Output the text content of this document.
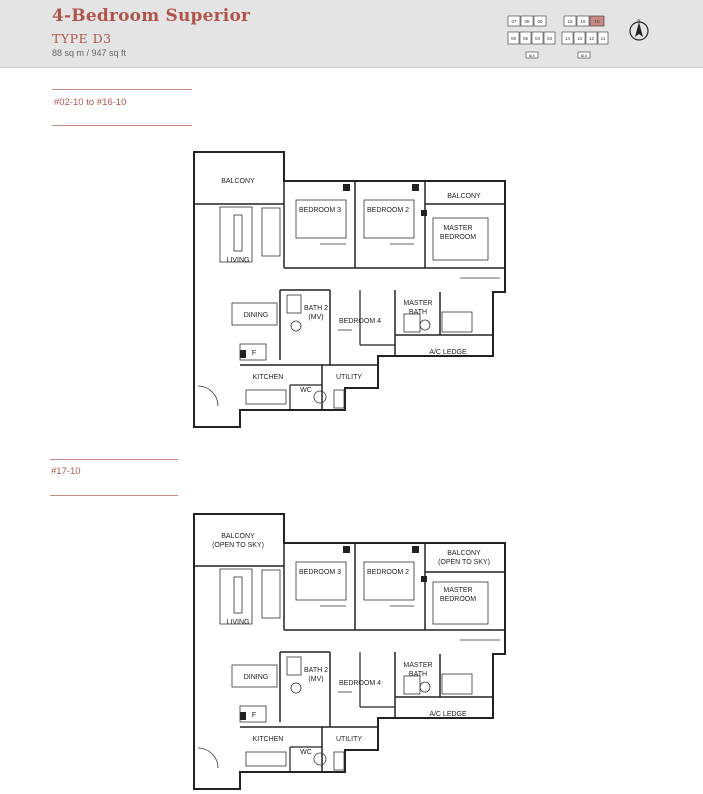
4-Bedroom Superior
TYPE D3
88 sq m / 947 sq ft
07 08 09	15 16 10
06 05 04 03	14 13 12 11
BLK	BLK
N
#02-10 to #16-10
BALCONY
BALCONY
BEDROOM 3	BEDROOM 2
MASTER
BEDROOM
LIVING
DINING
BATH 2
(MV)
BEDROOM 4
MASTER
BATH
A/C LEDGE
KITCHEN	UTILITY
WC
F
#17-10
BALCONY
(OPEN TO SKY)
BALCONY
(OPEN TO SKY)
BEDROOM 3	BEDROOM 2
MASTER
BEDROOM
LIVING
DINING
BATH 2
(MV)
BEDROOM 4
MASTER
BATH
A/C LEDGE
KITCHEN	UTILITY
WC
F
